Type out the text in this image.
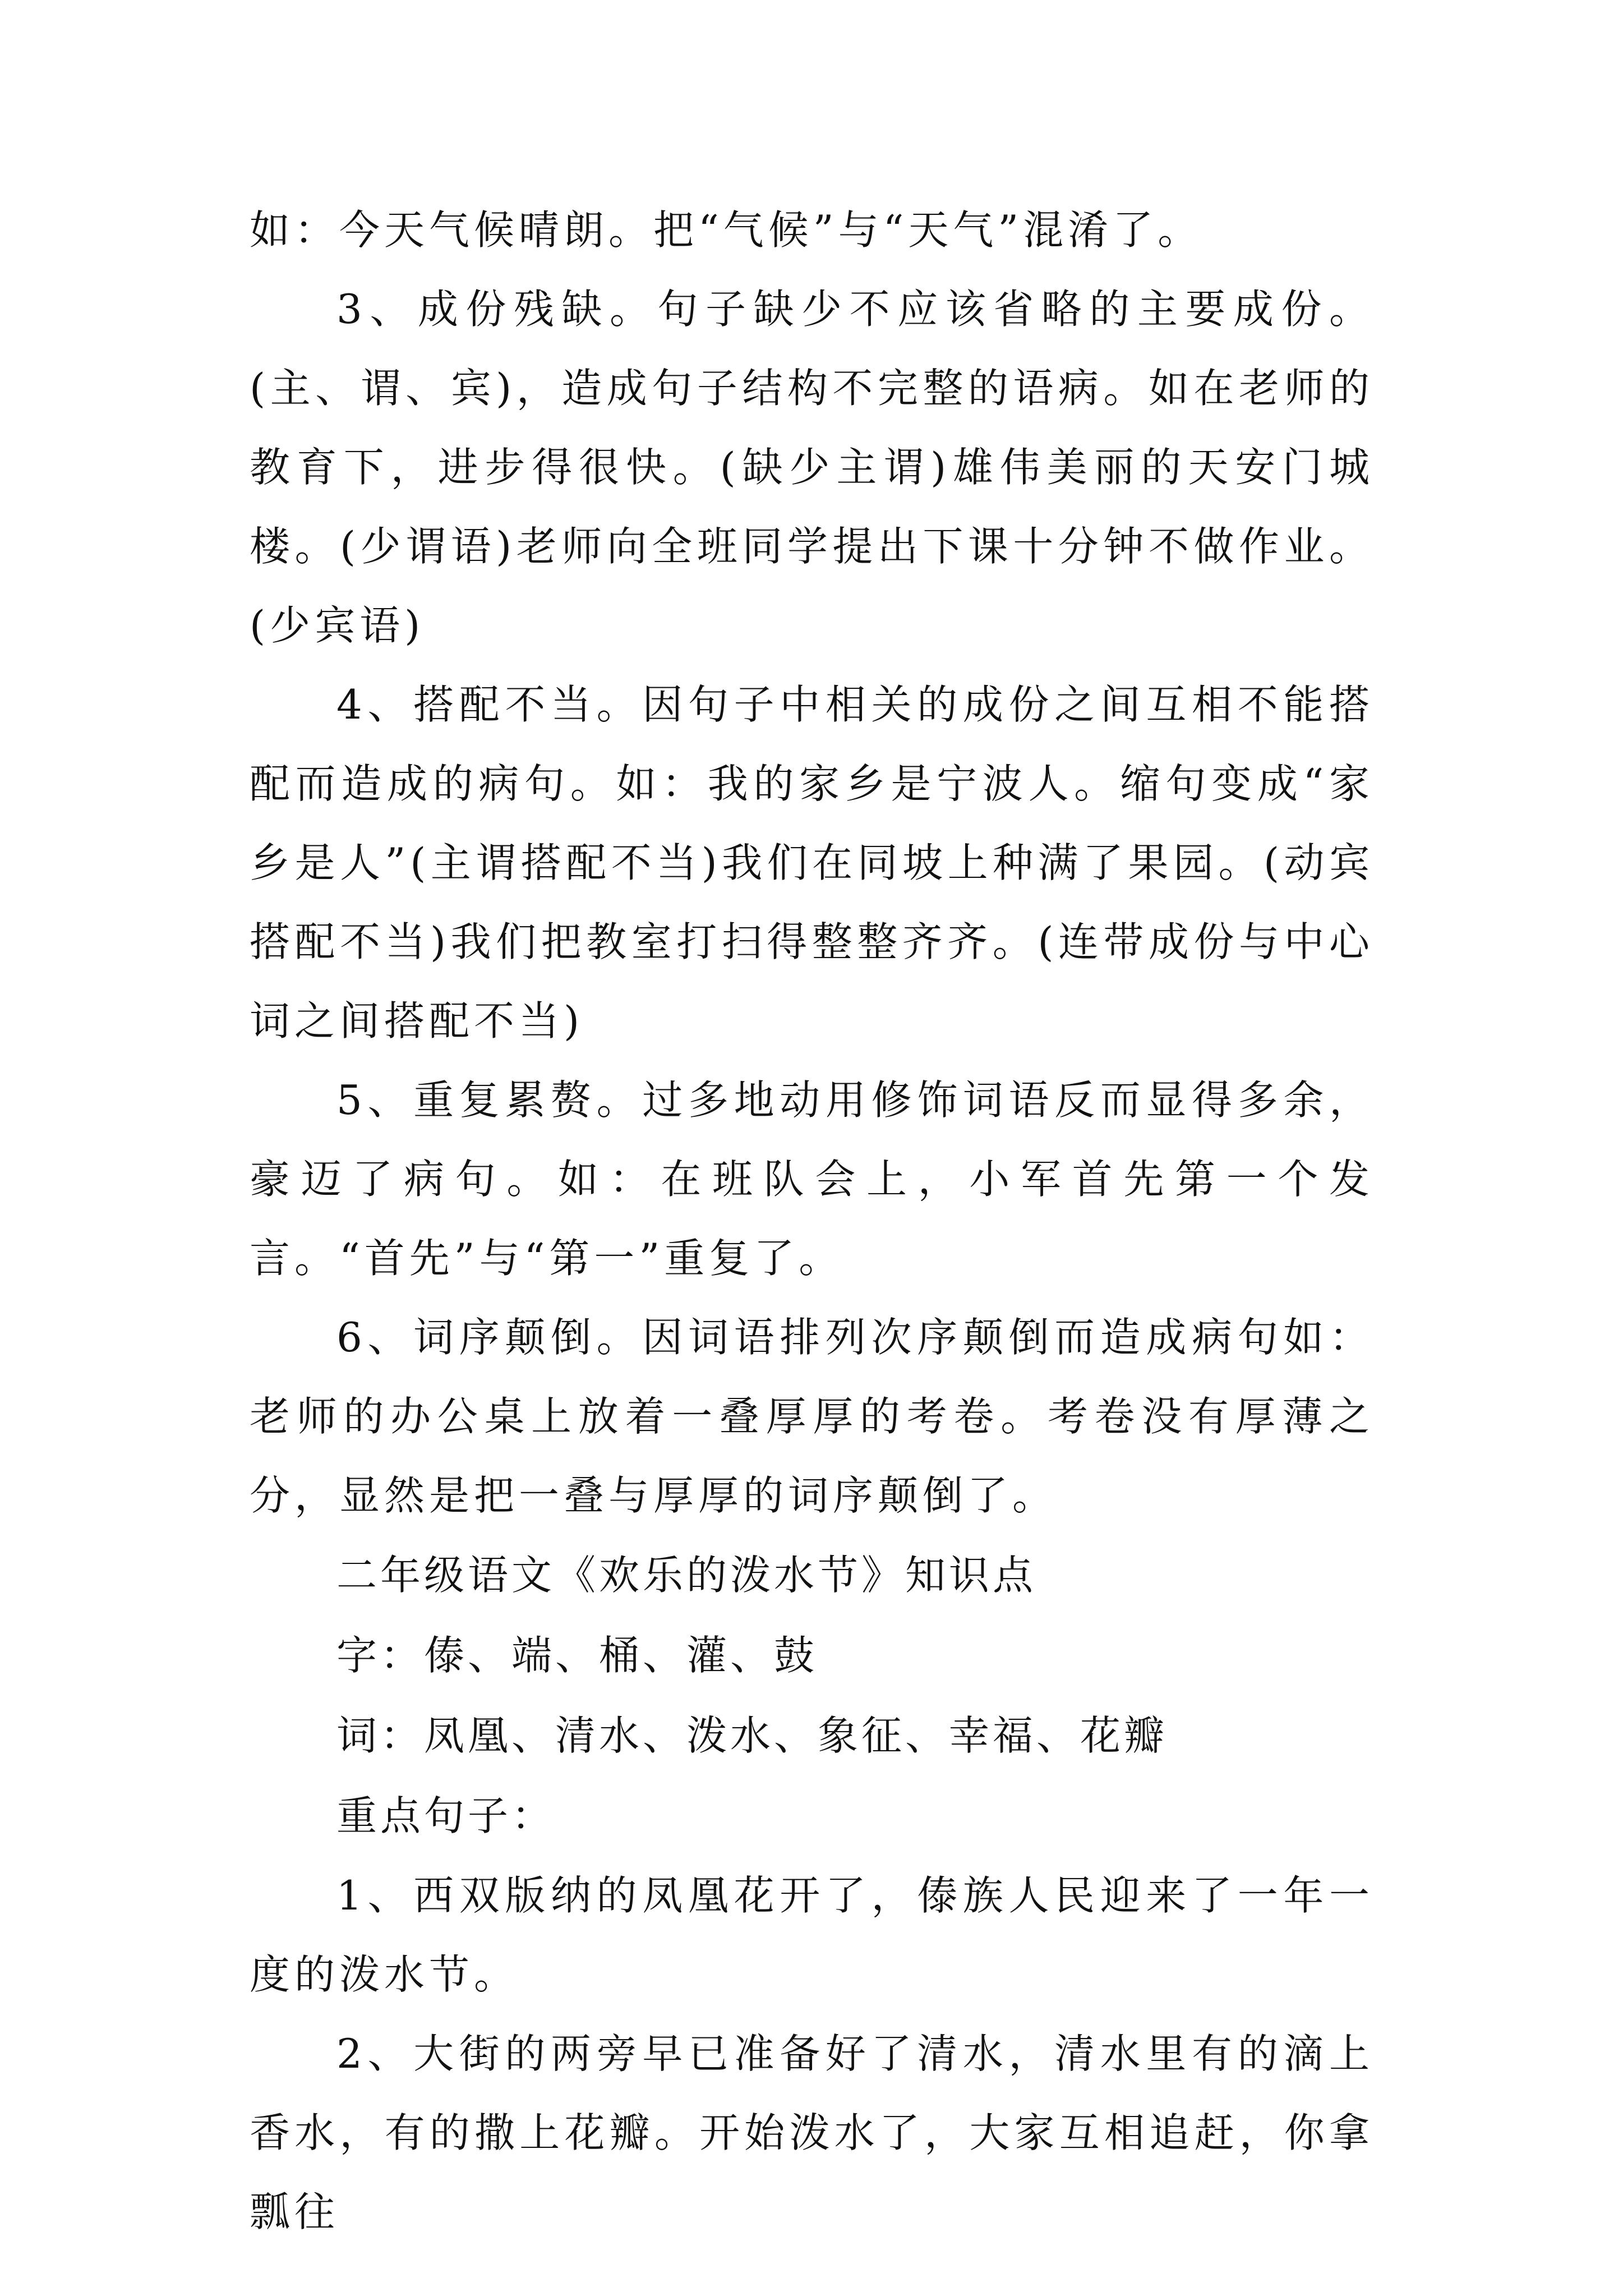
如：今天气候晴朗。把“气候”与“天气”混淆了。

3、成份残缺。句子缺少不应该省略的主要成份。(主、谓、宾)，造成句子结构不完整的语病。如在老师的教育下，进步得很快。(缺少主谓)雄伟美丽的天安门城楼。(少谓语)老师向全班同学提出下课十分钟不做作业。(少宾语)

4、搭配不当。因句子中相关的成份之间互相不能搭配而造成的病句。如：我的家乡是宁波人。缩句变成“家乡是人”(主谓搭配不当)我们在同坡上种满了果园。(动宾搭配不当)我们把教室打扫得整整齐齐。(连带成份与中心词之间搭配不当)

5、重复累赘。过多地动用修饰词语反而显得多余，豪迈了病句。如：在班队会上，小军首先第一个发言。“首先”与“第一”重复了。

6、词序颠倒。因词语排列次序颠倒而造成病句如：老师的办公桌上放着一叠厚厚的考卷。考卷没有厚薄之分，显然是把一叠与厚厚的词序颠倒了。

二年级语文《欢乐的泼水节》知识点

字：傣、端、桶、灌、鼓

词：凤凰、清水、泼水、象征、幸福、花瓣

重点句子：

1、西双版纳的凤凰花开了，傣族人民迎来了一年一度的泼水节。

2、大街的两旁早已准备好了清水，清水里有的滴上香水，有的撒上花瓣。开始泼水了，大家互相追赶，你拿瓢往
